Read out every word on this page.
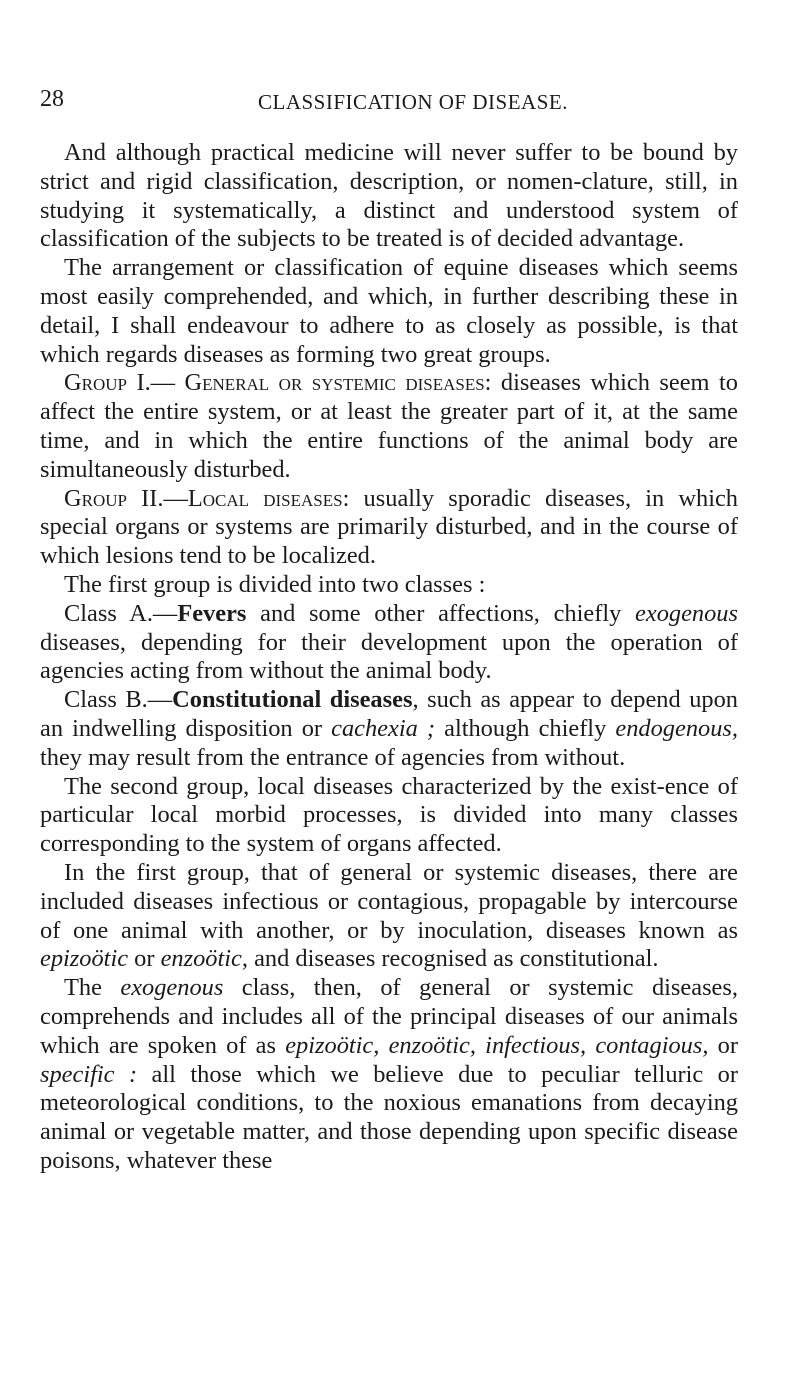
28	CLASSIFICATION OF DISEASE.

And although practical medicine will never suffer to be bound by strict and rigid classification, description, or nomen-clature, still, in studying it systematically, a distinct and understood system of classification of the subjects to be treated is of decided advantage.

The arrangement or classification of equine diseases which seems most easily comprehended, and which, in further describing these in detail, I shall endeavour to adhere to as closely as possible, is that which regards diseases as forming two great groups.

Group I.— General or systemic diseases: diseases which seem to affect the entire system, or at least the greater part of it, at the same time, and in which the entire functions of the animal body are simultaneously disturbed.

Group II.—Local diseases: usually sporadic diseases, in which special organs or systems are primarily disturbed, and in the course of which lesions tend to be localized.

The first group is divided into two classes :

Class A.—Fevers and some other affections, chiefly exogenous diseases, depending for their development upon the operation of agencies acting from without the animal body.

Class B.—Constitutional diseases, such as appear to depend upon an indwelling disposition or cachexia ; although chiefly endogenous, they may result from the entrance of agencies from without.

The second group, local diseases characterized by the exist-ence of particular local morbid processes, is divided into many classes corresponding to the system of organs affected.

In the first group, that of general or systemic diseases, there are included diseases infectious or contagious, propagable by intercourse of one animal with another, or by inoculation, diseases known as epizoötic or enzoötic, and diseases recognised as constitutional.

The exogenous class, then, of general or systemic diseases, comprehends and includes all of the principal diseases of our animals which are spoken of as epizoötic, enzoötic, infectious, contagious, or specific : all those which we believe due to peculiar telluric or meteorological conditions, to the noxious emanations from decaying animal or vegetable matter, and those depending upon specific disease poisons, whatever these
